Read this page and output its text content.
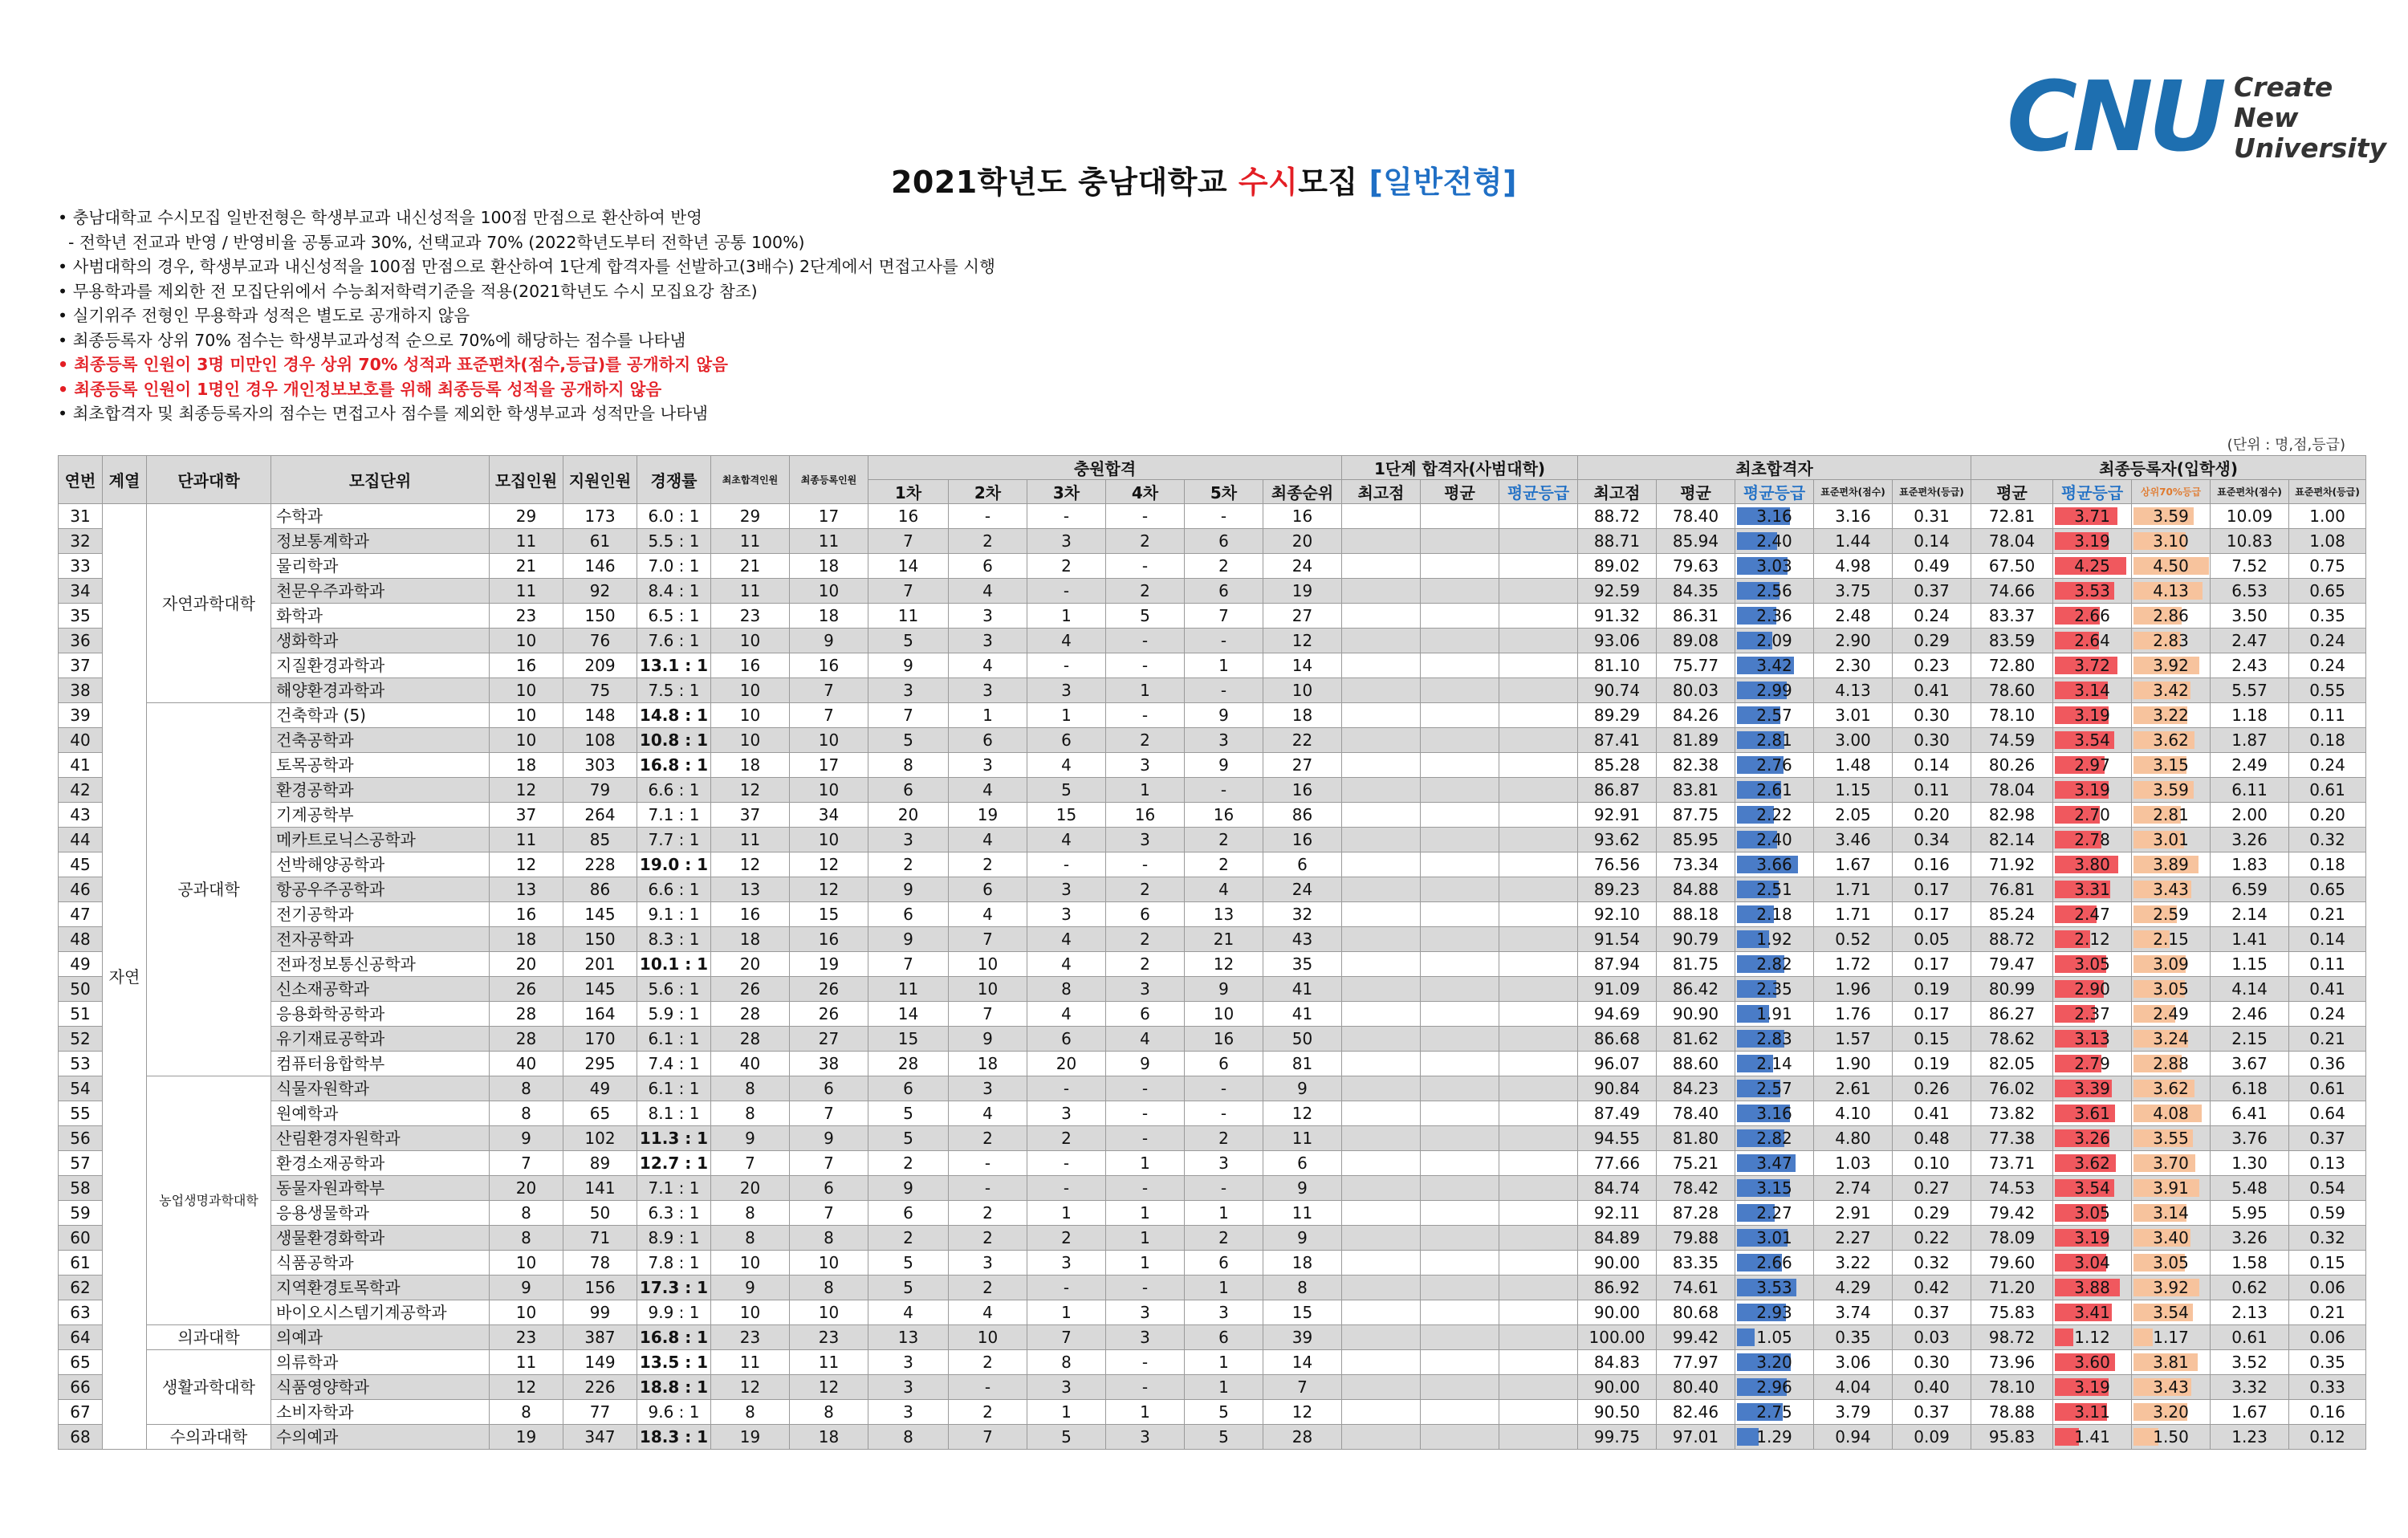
CNU Create
New
University
2021학년도 충남대학교 수시모집 [일반전형]
• 충남대학교 수시모집 일반전형은 학생부교과 내신성적을 100점 만점으로 환산하여 반영
- 전학년 전교과 반영 / 반영비율 공통교과 30%, 선택교과 70% (2022학년도부터 전학년 공통 100%)
• 사범대학의 경우, 학생부교과 내신성적을 100점 만점으로 환산하여 1단계 합격자를 선발하고(3배수) 2단계에서 면접고사를 시행
• 무용학과를 제외한 전 모집단위에서 수능최저학력기준을 적용(2021학년도 수시 모집요강 참조)
• 실기위주 전형인 무용학과 성적은 별도로 공개하지 않음
• 최종등록자 상위 70% 점수는 학생부교과성적 순으로 70%에 해당하는 점수를 나타냄
• 최종등록 인원이 3명 미만인 경우 상위 70% 성적과 표준편차(점수,등급)를 공개하지 않음
• 최종등록 인원이 1명인 경우 개인정보보호를 위해 최종등록 성적을 공개하지 않음
• 최초합격자 및 최종등록자의 점수는 면접고사 점수를 제외한 학생부교과 성적만을 나타냄
(단위 : 명,점,등급)
연번	계열	단과대학	모집단위	모집인원	지원인원	경쟁률	최초합격인원	최종등록인원	충원합격						1단계 합격자(사범대학)			최초합격자					최종등록자(입학생)				
									1차	2차	3차	4차	5차	최종순위	최고점	평균	평균등급	최고점	평균	평균등급	표준편차(점수)	표준편차(등급)	평균	평균등급	상위70%등급	표준편차(점수)	표준편차(등급)
31	자연	자연과학대학	수학과	29	173	6.0 : 1	29	17	16	-	-	-	-	16				88.72	78.40	3.16	3.16	0.31	72.81	3.71	3.59	10.09	1.00
32			정보통계학과	11	61	5.5 : 1	11	11	7	2	3	2	6	20				88.71	85.94	2.40	1.44	0.14	78.04	3.19	3.10	10.83	1.08
33			물리학과	21	146	7.0 : 1	21	18	14	6	2	-	2	24				89.02	79.63	3.03	4.98	0.49	67.50	4.25	4.50	7.52	0.75
34			천문우주과학과	11	92	8.4 : 1	11	10	7	4	-	2	6	19				92.59	84.35	2.56	3.75	0.37	74.66	3.53	4.13	6.53	0.65
35			화학과	23	150	6.5 : 1	23	18	11	3	1	5	7	27				91.32	86.31	2.36	2.48	0.24	83.37	2.66	2.86	3.50	0.35
36			생화학과	10	76	7.6 : 1	10	9	5	3	4	-	-	12				93.06	89.08	2.09	2.90	0.29	83.59	2.64	2.83	2.47	0.24
37			지질환경과학과	16	209	13.1 : 1	16	16	9	4	-	-	1	14				81.10	75.77	3.42	2.30	0.23	72.80	3.72	3.92	2.43	0.24
38			해양환경과학과	10	75	7.5 : 1	10	7	3	3	3	1	-	10				90.74	80.03	2.99	4.13	0.41	78.60	3.14	3.42	5.57	0.55
39		공과대학	건축학과 (5)	10	148	14.8 : 1	10	7	7	1	1	-	9	18				89.29	84.26	2.57	3.01	0.30	78.10	3.19	3.22	1.18	0.11
40			건축공학과	10	108	10.8 : 1	10	10	5	6	6	2	3	22				87.41	81.89	2.81	3.00	0.30	74.59	3.54	3.62	1.87	0.18
41			토목공학과	18	303	16.8 : 1	18	17	8	3	4	3	9	27				85.28	82.38	2.76	1.48	0.14	80.26	2.97	3.15	2.49	0.24
42			환경공학과	12	79	6.6 : 1	12	10	6	4	5	1	-	16				86.87	83.81	2.61	1.15	0.11	78.04	3.19	3.59	6.11	0.61
43			기계공학부	37	264	7.1 : 1	37	34	20	19	15	16	16	86				92.91	87.75	2.22	2.05	0.20	82.98	2.70	2.81	2.00	0.20
44			메카트로닉스공학과	11	85	7.7 : 1	11	10	3	4	4	3	2	16				93.62	85.95	2.40	3.46	0.34	82.14	2.78	3.01	3.26	0.32
45			선박해양공학과	12	228	19.0 : 1	12	12	2	2	-	-	2	6				76.56	73.34	3.66	1.67	0.16	71.92	3.80	3.89	1.83	0.18
46			항공우주공학과	13	86	6.6 : 1	13	12	9	6	3	2	4	24				89.23	84.88	2.51	1.71	0.17	76.81	3.31	3.43	6.59	0.65
47			전기공학과	16	145	9.1 : 1	16	15	6	4	3	6	13	32				92.10	88.18	2.18	1.71	0.17	85.24	2.47	2.59	2.14	0.21
48			전자공학과	18	150	8.3 : 1	18	16	9	7	4	2	21	43				91.54	90.79	1.92	0.52	0.05	88.72	2.12	2.15	1.41	0.14
49			전파정보통신공학과	20	201	10.1 : 1	20	19	7	10	4	2	12	35				87.94	81.75	2.82	1.72	0.17	79.47	3.05	3.09	1.15	0.11
50			신소재공학과	26	145	5.6 : 1	26	26	11	10	8	3	9	41				91.09	86.42	2.35	1.96	0.19	80.99	2.90	3.05	4.14	0.41
51			응용화학공학과	28	164	5.9 : 1	28	26	14	7	4	6	10	41				94.69	90.90	1.91	1.76	0.17	86.27	2.37	2.49	2.46	0.24
52			유기재료공학과	28	170	6.1 : 1	28	27	15	9	6	4	16	50				86.68	81.62	2.83	1.57	0.15	78.62	3.13	3.24	2.15	0.21
53			컴퓨터융합학부	40	295	7.4 : 1	40	38	28	18	20	9	6	81				96.07	88.60	2.14	1.90	0.19	82.05	2.79	2.88	3.67	0.36
54		농업생명과학대학	식물자원학과	8	49	6.1 : 1	8	6	6	3	-	-	-	9				90.84	84.23	2.57	2.61	0.26	76.02	3.39	3.62	6.18	0.61
55			원예학과	8	65	8.1 : 1	8	7	5	4	3	-	-	12				87.49	78.40	3.16	4.10	0.41	73.82	3.61	4.08	6.41	0.64
56			산림환경자원학과	9	102	11.3 : 1	9	9	5	2	2	-	2	11				94.55	81.80	2.82	4.80	0.48	77.38	3.26	3.55	3.76	0.37
57			환경소재공학과	7	89	12.7 : 1	7	7	2	-	-	1	3	6				77.66	75.21	3.47	1.03	0.10	73.71	3.62	3.70	1.30	0.13
58			동물자원과학부	20	141	7.1 : 1	20	6	9	-	-	-	-	9				84.74	78.42	3.15	2.74	0.27	74.53	3.54	3.91	5.48	0.54
59			응용생물학과	8	50	6.3 : 1	8	7	6	2	1	1	1	11				92.11	87.28	2.27	2.91	0.29	79.42	3.05	3.14	5.95	0.59
60			생물환경화학과	8	71	8.9 : 1	8	8	2	2	2	1	2	9				84.89	79.88	3.01	2.27	0.22	78.09	3.19	3.40	3.26	0.32
61			식품공학과	10	78	7.8 : 1	10	10	5	3	3	1	6	18				90.00	83.35	2.66	3.22	0.32	79.60	3.04	3.05	1.58	0.15
62			지역환경토목학과	9	156	17.3 : 1	9	8	5	2	-	-	1	8				86.92	74.61	3.53	4.29	0.42	71.20	3.88	3.92	0.62	0.06
63			바이오시스템기계공학과	10	99	9.9 : 1	10	10	4	4	1	3	3	15				90.00	80.68	2.93	3.74	0.37	75.83	3.41	3.54	2.13	0.21
64		의과대학	의예과	23	387	16.8 : 1	23	23	13	10	7	3	6	39				100.00	99.42	1.05	0.35	0.03	98.72	1.12	1.17	0.61	0.06
65		생활과학대학	의류학과	11	149	13.5 : 1	11	11	3	2	8	-	1	14				84.83	77.97	3.20	3.06	0.30	73.96	3.60	3.81	3.52	0.35
66			식품영양학과	12	226	18.8 : 1	12	12	3	-	3	-	1	7				90.00	80.40	2.96	4.04	0.40	78.10	3.19	3.43	3.32	0.33
67			소비자학과	8	77	9.6 : 1	8	8	3	2	1	1	5	12				90.50	82.46	2.75	3.79	0.37	78.88	3.11	3.20	1.67	0.16
68		수의과대학	수의예과	19	347	18.3 : 1	19	18	8	7	5	3	5	28				99.75	97.01	1.29	0.94	0.09	95.83	1.41	1.50	1.23	0.12
